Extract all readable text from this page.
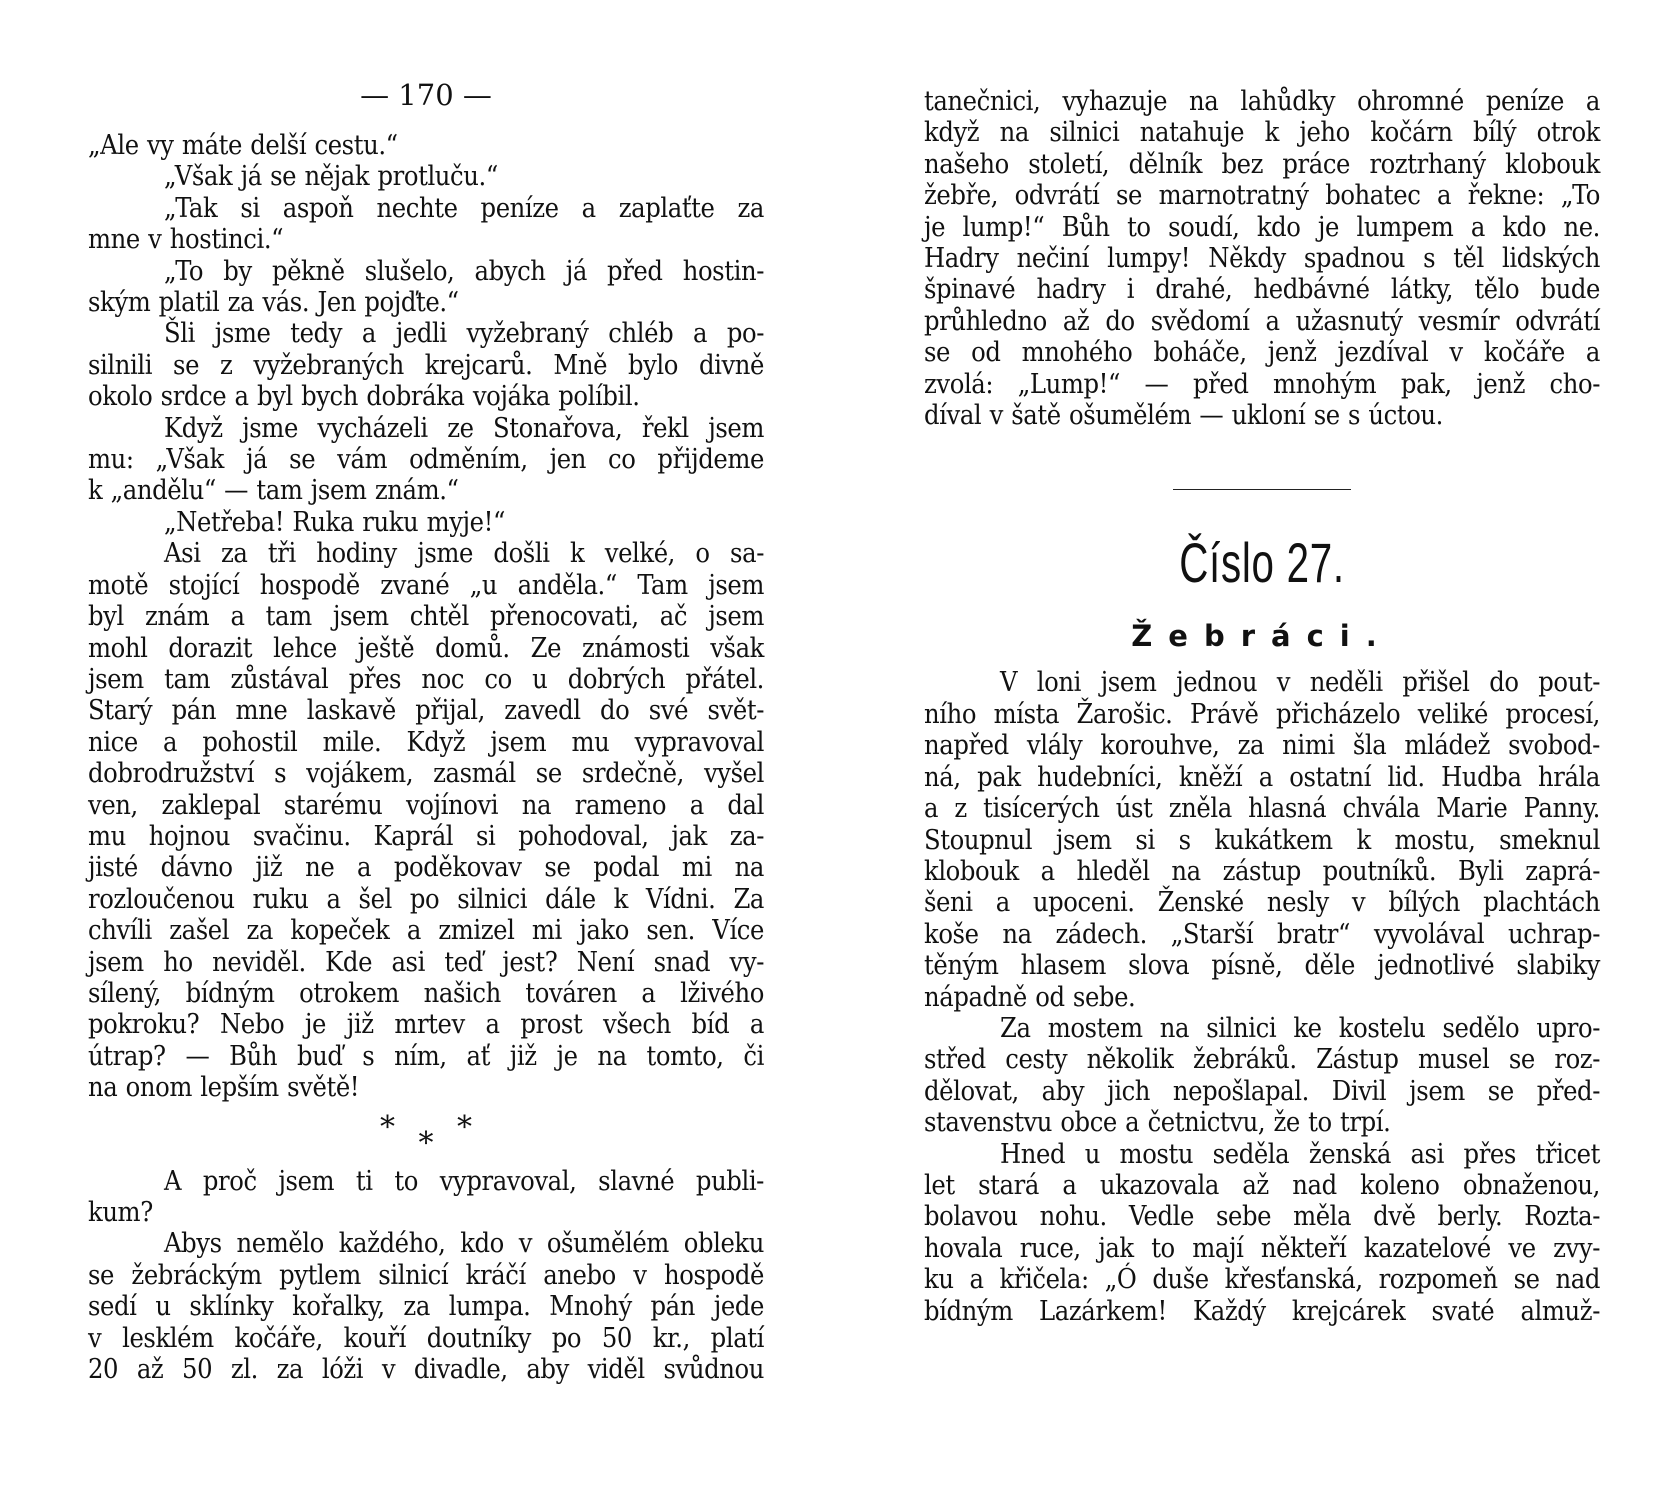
— 170 —

„Ale vy máte delší cestu.“

„Však já se nějak protluču.“

„Tak si aspoň nechte peníze a zaplaťte za

mne v hostinci.“

„To by pěkně slušelo, abych já před hostin-

ským platil za vás. Jen pojďte.“

Šli jsme tedy a jedli vyžebraný chléb a po-

silnili se z vyžebraných krejcarů. Mně bylo divně

okolo srdce a byl bych dobráka vojáka políbil.

Když jsme vycházeli ze Stonařova, řekl jsem

mu: „Však já se vám odměním, jen co přijdeme

k „andělu“ — tam jsem znám.“

„Netřeba! Ruka ruku myje!“

Asi za tři hodiny jsme došli k velké, o sa-

motě stojící hospodě zvané „u anděla.“ Tam jsem

byl znám a tam jsem chtěl přenocovati, ač jsem

mohl dorazit lehce ještě domů. Ze známosti však

jsem tam zůstával přes noc co u dobrých přátel.

Starý pán mne laskavě přijal, zavedl do své svět-

nice a pohostil mile. Když jsem mu vypravoval

dobrodružství s vojákem, zasmál se srdečně, vyšel

ven, zaklepal starému vojínovi na rameno a dal

mu hojnou svačinu. Kaprál si pohodoval, jak za-

jisté dávno již ne a poděkovav se podal mi na

rozloučenou ruku a šel po silnici dále k Vídni. Za

chvíli zašel za kopeček a zmizel mi jako sen. Více

jsem ho neviděl. Kde asi teď jest? Není snad vy-

sílený, bídným otrokem našich továren a lživého

pokroku? Nebo je již mrtev a prost všech bíd a

útrap? — Bůh buď s ním, ať již je na tomto, či

na onom lepším světě!

* * *

A proč jsem ti to vypravoval, slavné publi-

kum?

Abys nemělo každého, kdo v ošumělém obleku

se žebráckým pytlem silnicí kráčí anebo v hospodě

sedí u sklínky kořalky, za lumpa. Mnohý pán jede

v lesklém kočáře, kouří doutníky po 50 kr., platí

20 až 50 zl. za lóži v divadle, aby viděl svůdnou

tanečnici, vyhazuje na lahůdky ohromné peníze a

když na silnici natahuje k jeho kočárn bílý otrok

našeho století, dělník bez práce roztrhaný klobouk

žebře, odvrátí se marnotratný bohatec a řekne: „To

je lump!“ Bůh to soudí, kdo je lumpem a kdo ne.

Hadry nečiní lumpy! Někdy spadnou s těl lidských

špinavé hadry i drahé, hedbávné látky, tělo bude

průhledno až do svědomí a užasnutý vesmír odvrátí

se od mnohého boháče, jenž jezdíval v kočáře a

zvolá: „Lump!“ — před mnohým pak, jenž cho-

díval v šatě ošumělém — ukloní se s úctou.

Číslo 27.
Žebráci.

V loni jsem jednou v neděli přišel do pout-

ního místa Žarošic. Právě přicházelo veliké procesí,

napřed vlály korouhve, za nimi šla mládež svobod-

ná, pak hudebníci, kněží a ostatní lid. Hudba hrála

a z tisícerých úst zněla hlasná chvála Marie Panny.

Stoupnul jsem si s kukátkem k mostu, smeknul

klobouk a hleděl na zástup poutníků. Byli zaprá-

šeni a upoceni. Ženské nesly v bílých plachtách

koše na zádech. „Starší bratr“ vyvolával uchrap-

těným hlasem slova písně, děle jednotlivé slabiky

nápadně od sebe.

Za mostem na silnici ke kostelu sedělo upro-

střed cesty několik žebráků. Zástup musel se roz-

dělovat, aby jich nepošlapal. Divil jsem se před-

stavenstvu obce a četnictvu, že to trpí.

Hned u mostu seděla ženská asi přes třicet

let stará a ukazovala až nad koleno obnaženou,

bolavou nohu. Vedle sebe měla dvě berly. Rozta-

hovala ruce, jak to mají někteří kazatelové ve zvy-

ku a křičela: „Ó duše křesťanská, rozpomeň se nad

bídným Lazárkem! Každý krejcárek svaté almuž-
